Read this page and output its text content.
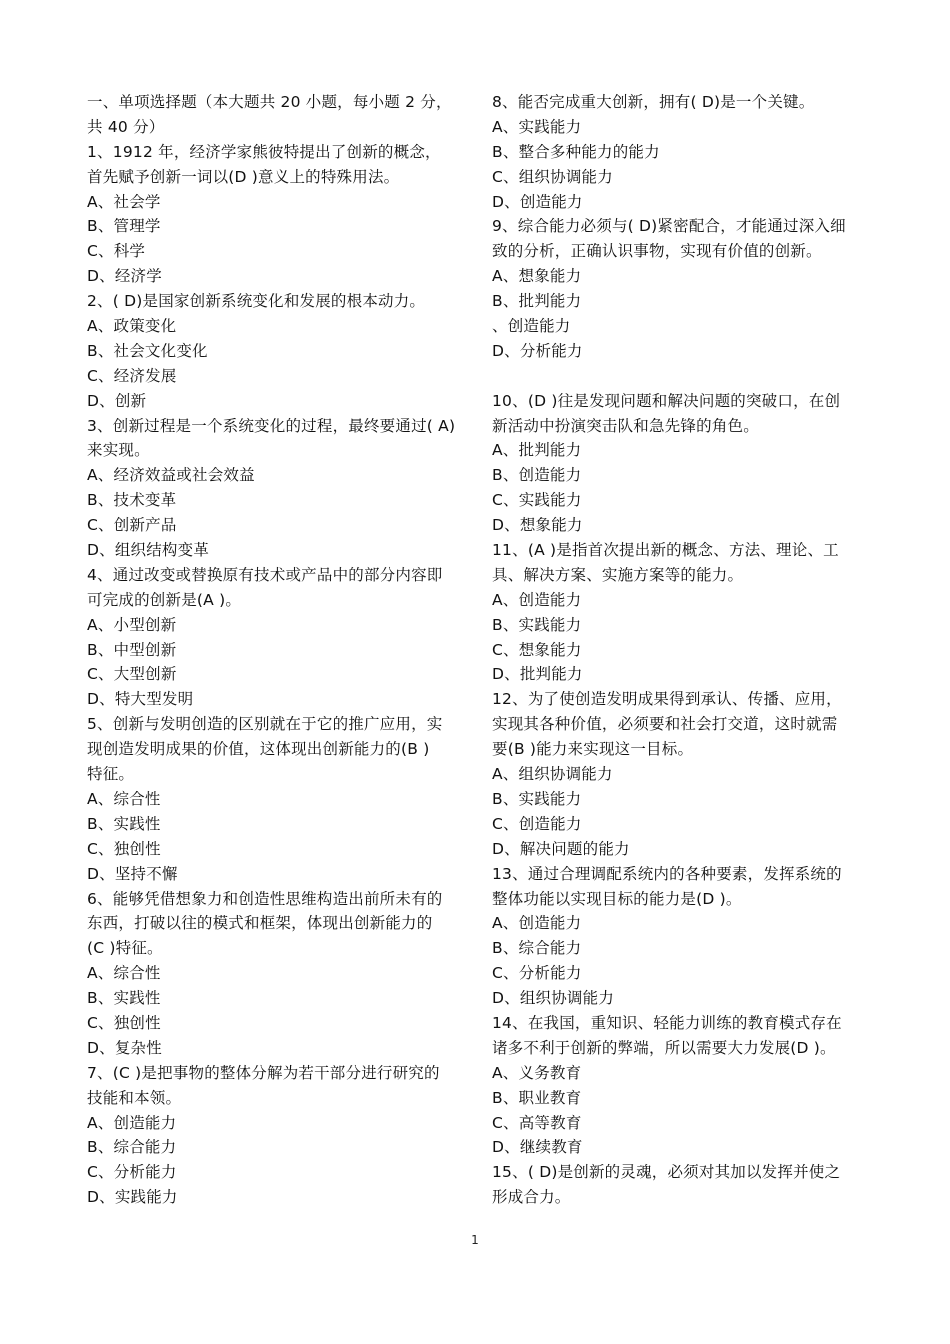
一、单项选择题（本大题共 20 小题，每小题 2 分，
共 40 分）
1、1912 年，经济学家熊彼特提出了创新的概念，
首先赋予创新一词以(D )意义上的特殊用法。
A、社会学
B、管理学
C、科学
D、经济学
2、( D)是国家创新系统变化和发展的根本动力。
A、政策变化
B、社会文化变化
C、经济发展
D、创新
3、创新过程是一个系统变化的过程，最终要通过( A)
来实现。
A、经济效益或社会效益
B、技术变革
C、创新产品
D、组织结构变革
4、通过改变或替换原有技术或产品中的部分内容即
可完成的创新是(A )。
A、小型创新
B、中型创新
C、大型创新
D、特大型发明
5、创新与发明创造的区别就在于它的推广应用，实
现创造发明成果的价值，这体现出创新能力的(B )
特征。
A、综合性
B、实践性
C、独创性
D、坚持不懈
6、能够凭借想象力和创造性思维构造出前所未有的
东西，打破以往的模式和框架，体现出创新能力的
(C )特征。
A、综合性
B、实践性
C、独创性
D、复杂性
7、(C )是把事物的整体分解为若干部分进行研究的
技能和本领。
A、创造能力
B、综合能力
C、分析能力
D、实践能力
8、能否完成重大创新，拥有( D)是一个关键。
A、实践能力
B、整合多种能力的能力
C、组织协调能力
D、创造能力
9、综合能力必须与( D)紧密配合，才能通过深入细
致的分析，正确认识事物，实现有价值的创新。
A、想象能力
B、批判能力
、创造能力
D、分析能力
10、(D )往是发现问题和解决问题的突破口，在创
新活动中扮演突击队和急先锋的角色。
A、批判能力
B、创造能力
C、实践能力
D、想象能力
11、(A )是指首次提出新的概念、方法、理论、工
具、解决方案、实施方案等的能力。
A、创造能力
B、实践能力
C、想象能力
D、批判能力
12、为了使创造发明成果得到承认、传播、应用，
实现其各种价值，必须要和社会打交道，这时就需
要(B )能力来实现这一目标。
A、组织协调能力
B、实践能力
C、创造能力
D、解决问题的能力
13、通过合理调配系统内的各种要素，发挥系统的
整体功能以实现目标的能力是(D )。
A、创造能力
B、综合能力
C、分析能力
D、组织协调能力
14、在我国，重知识、轻能力训练的教育模式存在
诸多不利于创新的弊端，所以需要大力发展(D )。
A、义务教育
B、职业教育
C、高等教育
D、继续教育
15、( D)是创新的灵魂，必须对其加以发挥并使之
形成合力。
1
